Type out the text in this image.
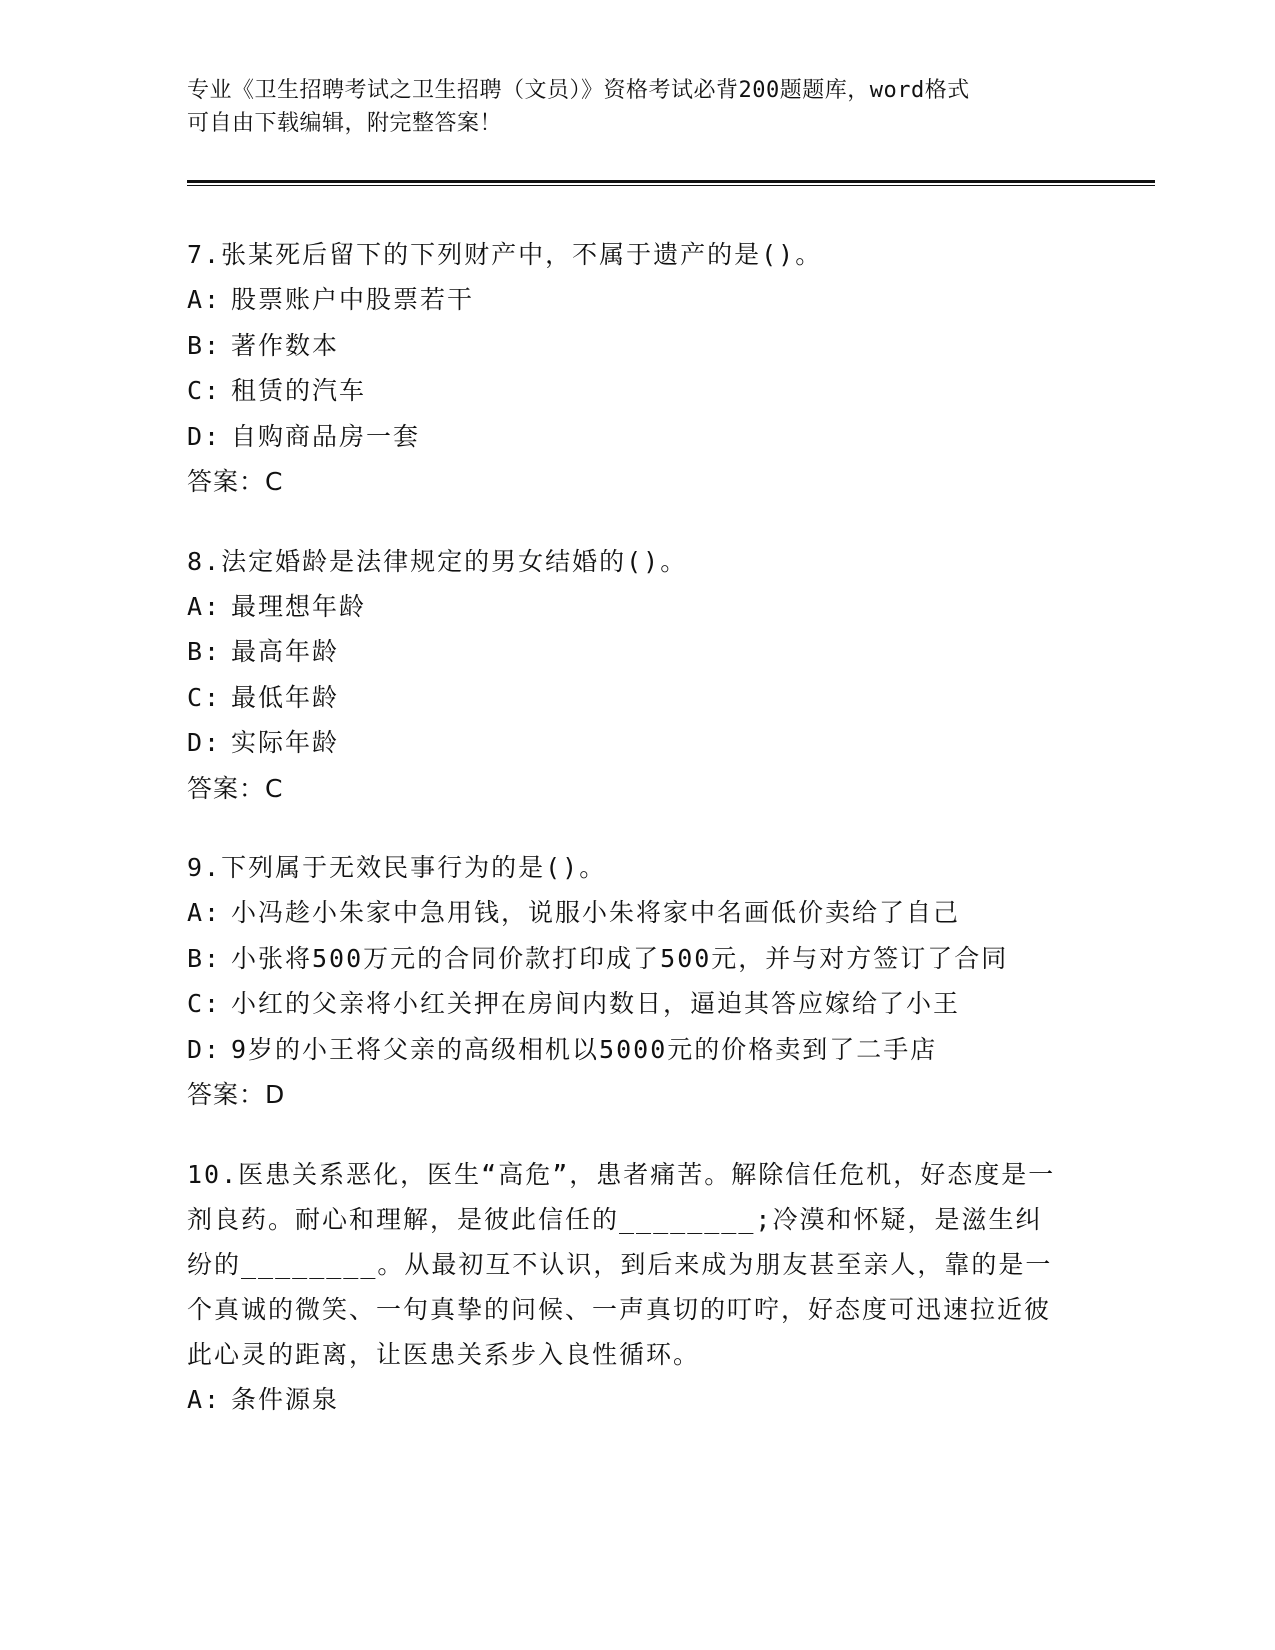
专业《卫生招聘考试之卫生招聘（文员）》资格考试必背200题题库，word格式
可自由下载编辑，附完整答案！

7.张某死后留下的下列财产中，不属于遗产的是()。

A: 股票账户中股票若干

B: 著作数本

C: 租赁的汽车

D: 自购商品房一套

答案：C

8.法定婚龄是法律规定的男女结婚的()。

A: 最理想年龄

B: 最高年龄

C: 最低年龄

D: 实际年龄

答案：C

9.下列属于无效民事行为的是()。

A: 小冯趁小朱家中急用钱，说服小朱将家中名画低价卖给了自己

B: 小张将500万元的合同价款打印成了500元，并与对方签订了合同

C: 小红的父亲将小红关押在房间内数日，逼迫其答应嫁给了小王

D: 9岁的小王将父亲的高级相机以5000元的价格卖到了二手店

答案：D

10.医患关系恶化，医生“高危”，患者痛苦。解除信任危机，好态度是一剂良药。耐心和理解，是彼此信任的________;冷漠和怀疑，是滋生纠纷的________。从最初互不认识，到后来成为朋友甚至亲人，靠的是一个真诚的微笑、一句真挚的问候、一声真切的叮咛，好态度可迅速拉近彼此心灵的距离，让医患关系步入良性循环。

A: 条件源泉
